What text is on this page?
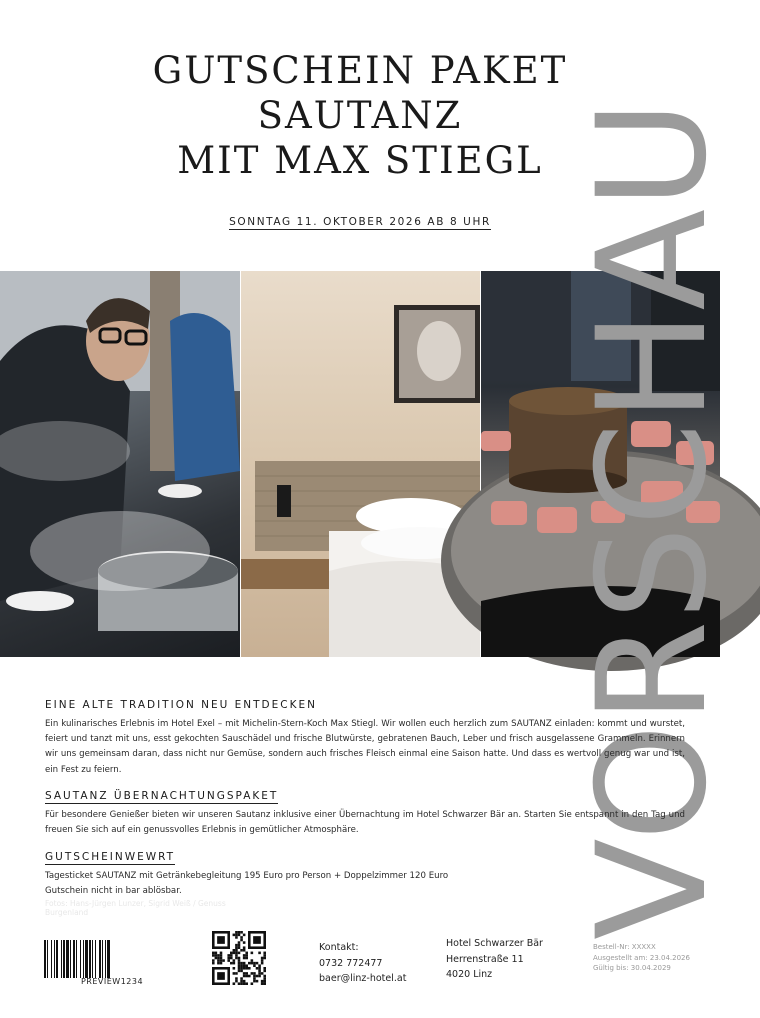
GUTSCHEIN PAKET
SAUTANZ
MIT MAX STIEGL
SONNTAG 11. OKTOBER 2026 AB 8 UHR
Fotos: Hans-Jürgen Lunzer, Sigrid Weiß / Genuss Burgenland	VORSCHAU
EINE ALTE TRADITION NEU ENTDECKEN

Ein kulinarisches Erlebnis im Hotel Exel – mit Michelin-Stern-Koch Max Stiegl. Wir wollen euch herzlich zum SAUTANZ einladen: kommt und wurstet, feiert und tanzt mit uns, esst gekochten Sauschädel und frische Blutwürste, gebratenen Bauch, Leber und frisch ausgelassene Grammeln. Erinnern wir uns gemeinsam daran, dass nicht nur Gemüse, sondern auch frisches Fleisch einmal eine Saison hatte. Und dass es wertvoll genug war und ist, ein Fest zu feiern.

SAUTANZ ÜBERNACHTUNGSPAKET

Für besondere Genießer bieten wir unseren Sautanz inklusive einer Übernachtung im Hotel Schwarzer Bär an. Starten Sie entspannt in den Tag und freuen Sie sich auf ein genussvolles Erlebnis in gemütlicher Atmosphäre.

GUTSCHEINWEWRT

Tagesticket SAUTANZ mit Getränkebegleitung 195 Euro pro Person + Doppelzimmer 120 Euro

Gutschein nicht in bar ablösbar.

PREVIEW1234
Kontakt:
0732 772477
baer@linz-hotel.at
Hotel Schwarzer Bär
Herrenstraße 11
4020 Linz
Bestell-Nr: XXXXX
Ausgestellt am: 23.04.2026
Gültig bis: 30.04.2029
